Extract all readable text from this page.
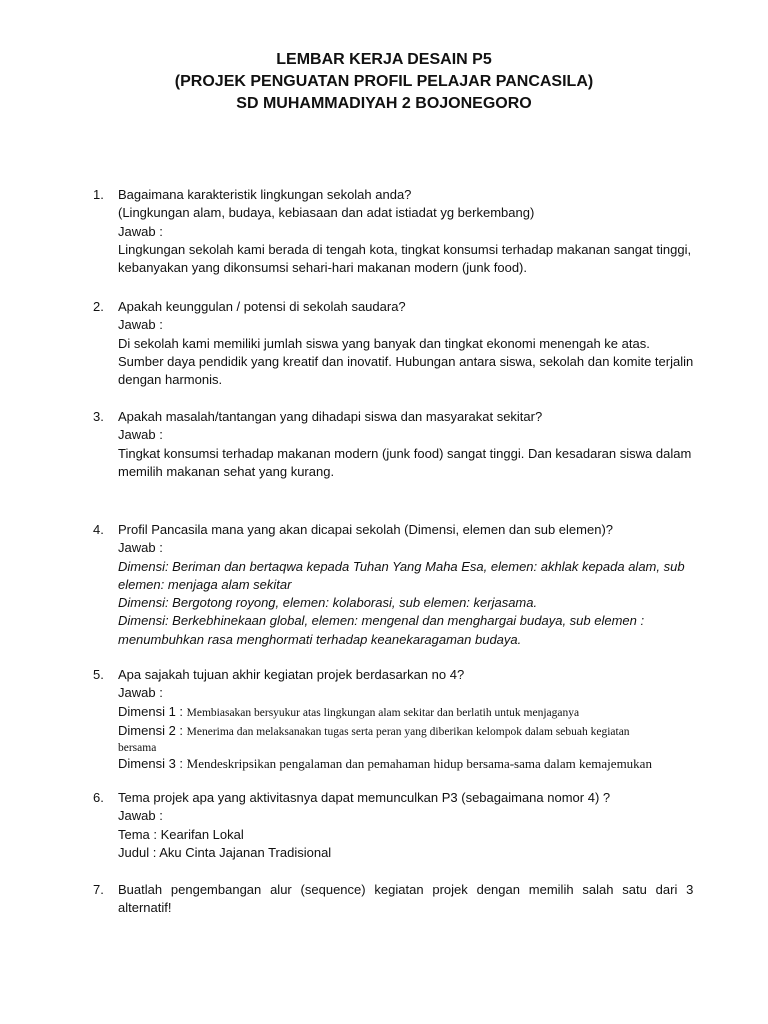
LEMBAR KERJA DESAIN P5
(PROJEK PENGUATAN PROFIL PELAJAR PANCASILA)
SD MUHAMMADIYAH 2 BOJONEGORO
1. Bagaimana karakteristik lingkungan sekolah anda?
(Lingkungan alam, budaya, kebiasaan dan adat istiadat yg berkembang)
Jawab :
Lingkungan sekolah kami berada di tengah kota, tingkat konsumsi terhadap makanan sangat tinggi,
kebanyakan yang dikonsumsi sehari-hari makanan modern (junk food).
2. Apakah keunggulan / potensi di sekolah saudara?
Jawab :
Di sekolah kami memiliki jumlah siswa yang banyak dan tingkat ekonomi menengah ke atas.
Sumber daya pendidik yang kreatif dan inovatif. Hubungan antara siswa, sekolah dan komite terjalin
dengan harmonis.
3. Apakah masalah/tantangan yang dihadapi siswa dan masyarakat sekitar?
Jawab :
Tingkat konsumsi terhadap makanan modern (junk food) sangat tinggi. Dan kesadaran siswa dalam
memilih makanan sehat yang kurang.
4. Profil Pancasila mana yang akan dicapai sekolah (Dimensi, elemen dan sub elemen)?
Jawab :
Dimensi: Beriman dan bertaqwa kepada Tuhan Yang Maha Esa, elemen: akhlak kepada alam, sub
elemen: menjaga alam sekitar
Dimensi: Bergotong royong, elemen: kolaborasi, sub elemen: kerjasama.
Dimensi: Berkebhinekaan global, elemen: mengenal dan menghargai budaya, sub elemen :
menumbuhkan rasa menghormati terhadap keanekaragaman budaya.
5. Apa sajakah tujuan akhir kegiatan projek berdasarkan no 4?
Jawab :
Dimensi 1 : Membiasakan bersyukur atas lingkungan alam sekitar dan berlatih untuk menjaganya
Dimensi 2 : Menerima dan melaksanakan tugas serta peran yang diberikan kelompok dalam sebuah kegiatan
bersama
Dimensi 3 : Mendeskripsikan pengalaman dan pemahaman hidup bersama-sama dalam kemajemukan
6. Tema projek apa yang aktivitasnya dapat memunculkan P3 (sebagaimana nomor 4) ?
Jawab :
Tema : Kearifan Lokal
Judul : Aku Cinta Jajanan Tradisional
7. Buatlah pengembangan alur (sequence) kegiatan projek dengan memilih salah satu dari 3
alternatif!
